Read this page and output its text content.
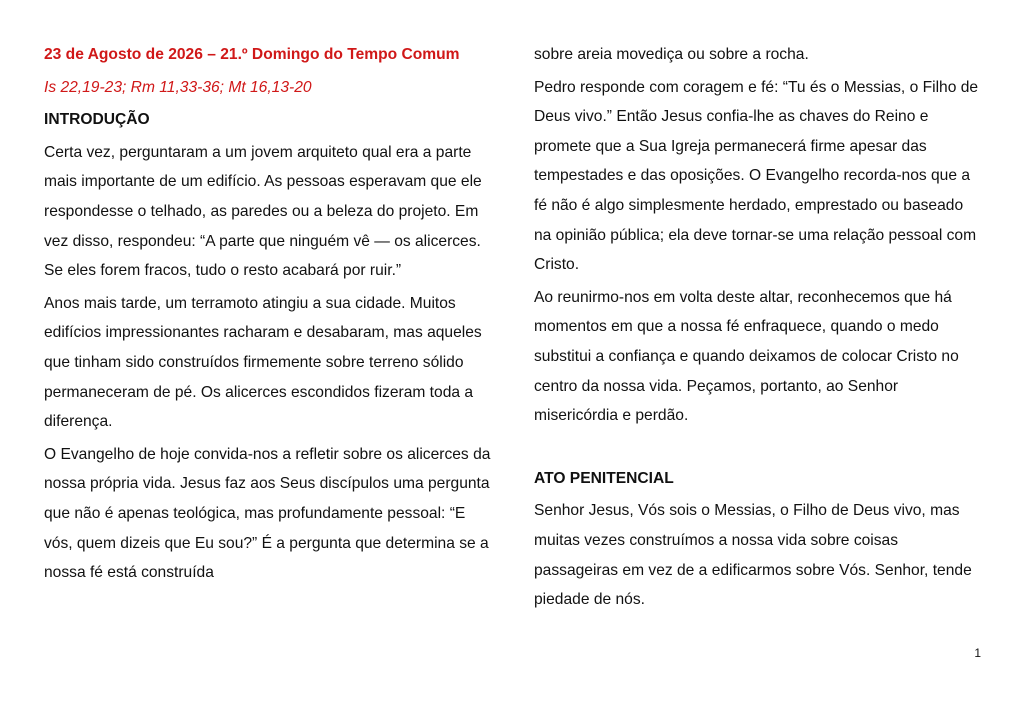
23 de Agosto de 2026 – 21.º Domingo do Tempo Comum

Is 22,19-23; Rm 11,33-36; Mt 16,13-20

INTRODUÇÃO

Certa vez, perguntaram a um jovem arquiteto qual era a parte mais importante de um edifício. As pessoas esperavam que ele respondesse o telhado, as paredes ou a beleza do projeto. Em vez disso, respondeu: “A parte que ninguém vê — os alicerces. Se eles forem fracos, tudo o resto acabará por ruir.”

Anos mais tarde, um terramoto atingiu a sua cidade. Muitos edifícios impressionantes racharam e desabaram, mas aqueles que tinham sido construídos firmemente sobre terreno sólido permaneceram de pé. Os alicerces escondidos fizeram toda a diferença.

O Evangelho de hoje convida-nos a refletir sobre os alicerces da nossa própria vida. Jesus faz aos Seus discípulos uma pergunta que não é apenas teológica, mas profundamente pessoal: “E vós, quem dizeis que Eu sou?” É a pergunta que determina se a nossa fé está construída

sobre areia movediça ou sobre a rocha.

Pedro responde com coragem e fé: “Tu és o Messias, o Filho de Deus vivo.” Então Jesus confia-lhe as chaves do Reino e promete que a Sua Igreja permanecerá firme apesar das tempestades e das oposições. O Evangelho recorda-nos que a fé não é algo simplesmente herdado, emprestado ou baseado na opinião pública; ela deve tornar-se uma relação pessoal com Cristo.

Ao reunirmo-nos em volta deste altar, reconhecemos que há momentos em que a nossa fé enfraquece, quando o medo substitui a confiança e quando deixamos de colocar Cristo no centro da nossa vida. Peçamos, portanto, ao Senhor misericórdia e perdão.

ATO PENITENCIAL

Senhor Jesus, Vós sois o Messias, o Filho de Deus vivo, mas muitas vezes construímos a nossa vida sobre coisas passageiras em vez de a edificarmos sobre Vós. Senhor, tende piedade de nós.

1
